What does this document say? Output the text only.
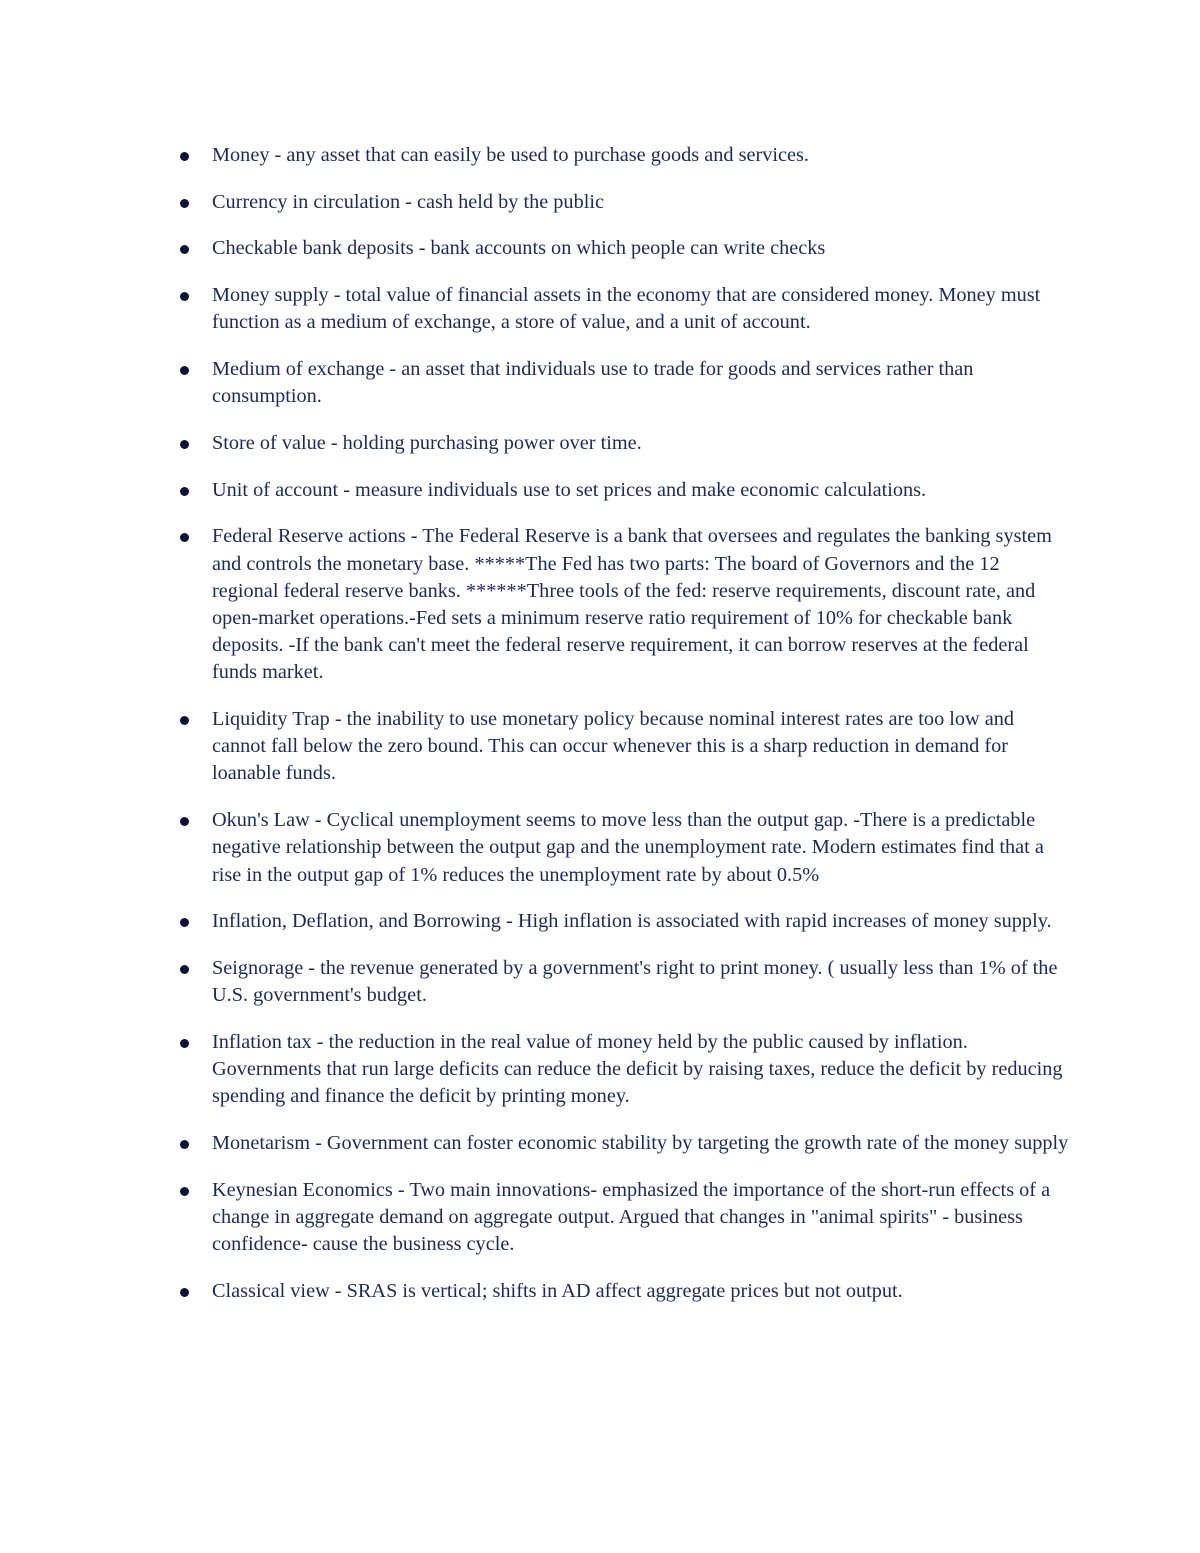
Money - any asset that can easily be used to purchase goods and services.
Currency in circulation - cash held by the public
Checkable bank deposits - bank accounts on which people can write checks
Money supply - total value of financial assets in the economy that are considered money. Money must function as a medium of exchange, a store of value, and a unit of account.
Medium of exchange - an asset that individuals use to trade for goods and services rather than consumption.
Store of value - holding purchasing power over time.
Unit of account - measure individuals use to set prices and make economic calculations.
Federal Reserve actions - The Federal Reserve is a bank that oversees and regulates the banking system and controls the monetary base. *****The Fed has two parts: The board of Governors and the 12 regional federal reserve banks. ******Three tools of the fed: reserve requirements, discount rate, and open-market operations.-Fed sets a minimum reserve ratio requirement of 10% for checkable bank deposits. -If the bank can't meet the federal reserve requirement, it can borrow reserves at the federal funds market.
Liquidity Trap - the inability to use monetary policy because nominal interest rates are too low and cannot fall below the zero bound. This can occur whenever this is a sharp reduction in demand for loanable funds.
Okun's Law - Cyclical unemployment seems to move less than the output gap. -There is a predictable negative relationship between the output gap and the unemployment rate. Modern estimates find that a rise in the output gap of 1% reduces the unemployment rate by about 0.5%
Inflation, Deflation, and Borrowing - High inflation is associated with rapid increases of money supply.
Seignorage - the revenue generated by a government's right to print money. ( usually less than 1% of the U.S. government's budget.
Inflation tax - the reduction in the real value of money held by the public caused by inflation. Governments that run large deficits can reduce the deficit by raising taxes, reduce the deficit by reducing spending and finance the deficit by printing money.
Monetarism - Government can foster economic stability by targeting the growth rate of the money supply
Keynesian Economics - Two main innovations- emphasized the importance of the short-run effects of a change in aggregate demand on aggregate output. Argued that changes in "animal spirits" - business confidence- cause the business cycle.
Classical view - SRAS is vertical; shifts in AD affect aggregate prices but not output.
